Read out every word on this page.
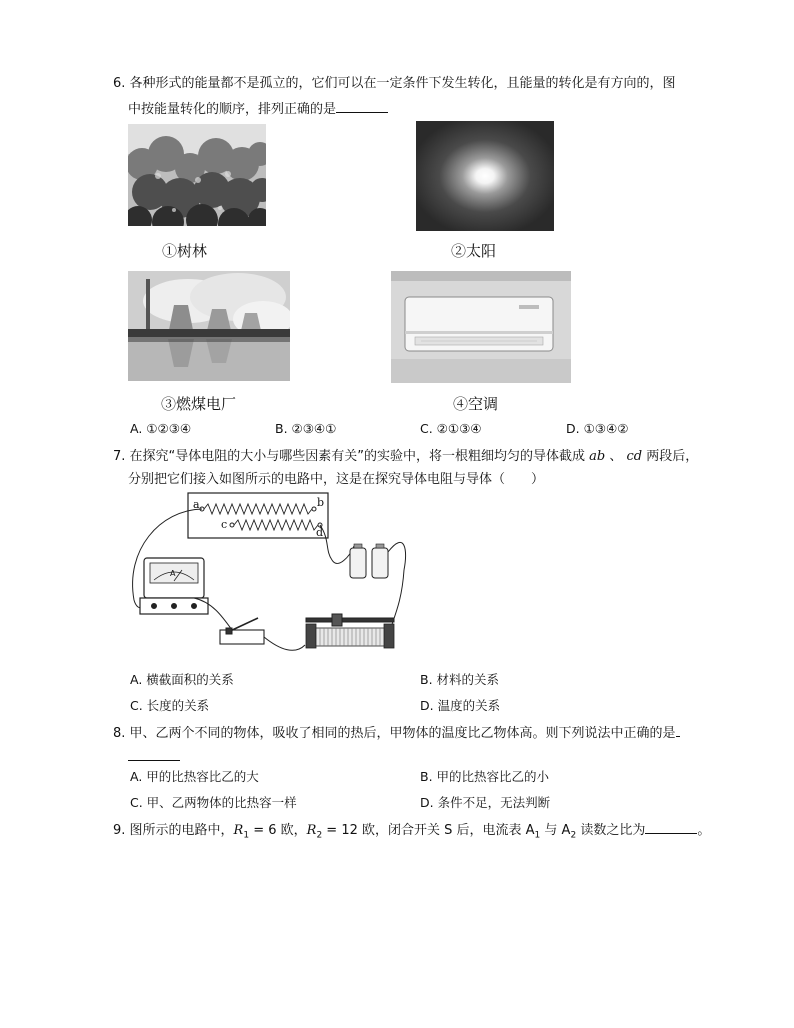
6. 各种形式的能量都不是孤立的，它们可以在一定条件下发生转化，且能量的转化是有方向的，图
中按能量转化的顺序，排列正确的是
①树林	②太阳
③燃煤电厂	④空调
A. ①②③④	B. ②③④①	C. ②①③④	D. ①③④②
7. 在探究“导体电阻的大小与哪些因素有关”的实验中，将一根粗细均匀的导体截成 ab 、 cd 两段后，
分别把它们接入如图所示的电路中，这是在探究导体电阻与导体（　　）
a	b
c
d
A
A. 横截面积的关系	B. 材料的关系
C. 长度的关系	D. 温度的关系
8. 甲、乙两个不同的物体，吸收了相同的热后，甲物体的温度比乙物体高。则下列说法中正确的是
A. 甲的比热容比乙的大	B. 甲的比热容比乙的小
C. 甲、乙两物体的比热容一样	D. 条件不足，无法判断
9. 图所示的电路中，$R_1 = 6$ 欧，$R_2 = 12$ 欧，闭合开关 S 后，电流表 $A_1$ 与 $A_2$ 读数之比为	。
